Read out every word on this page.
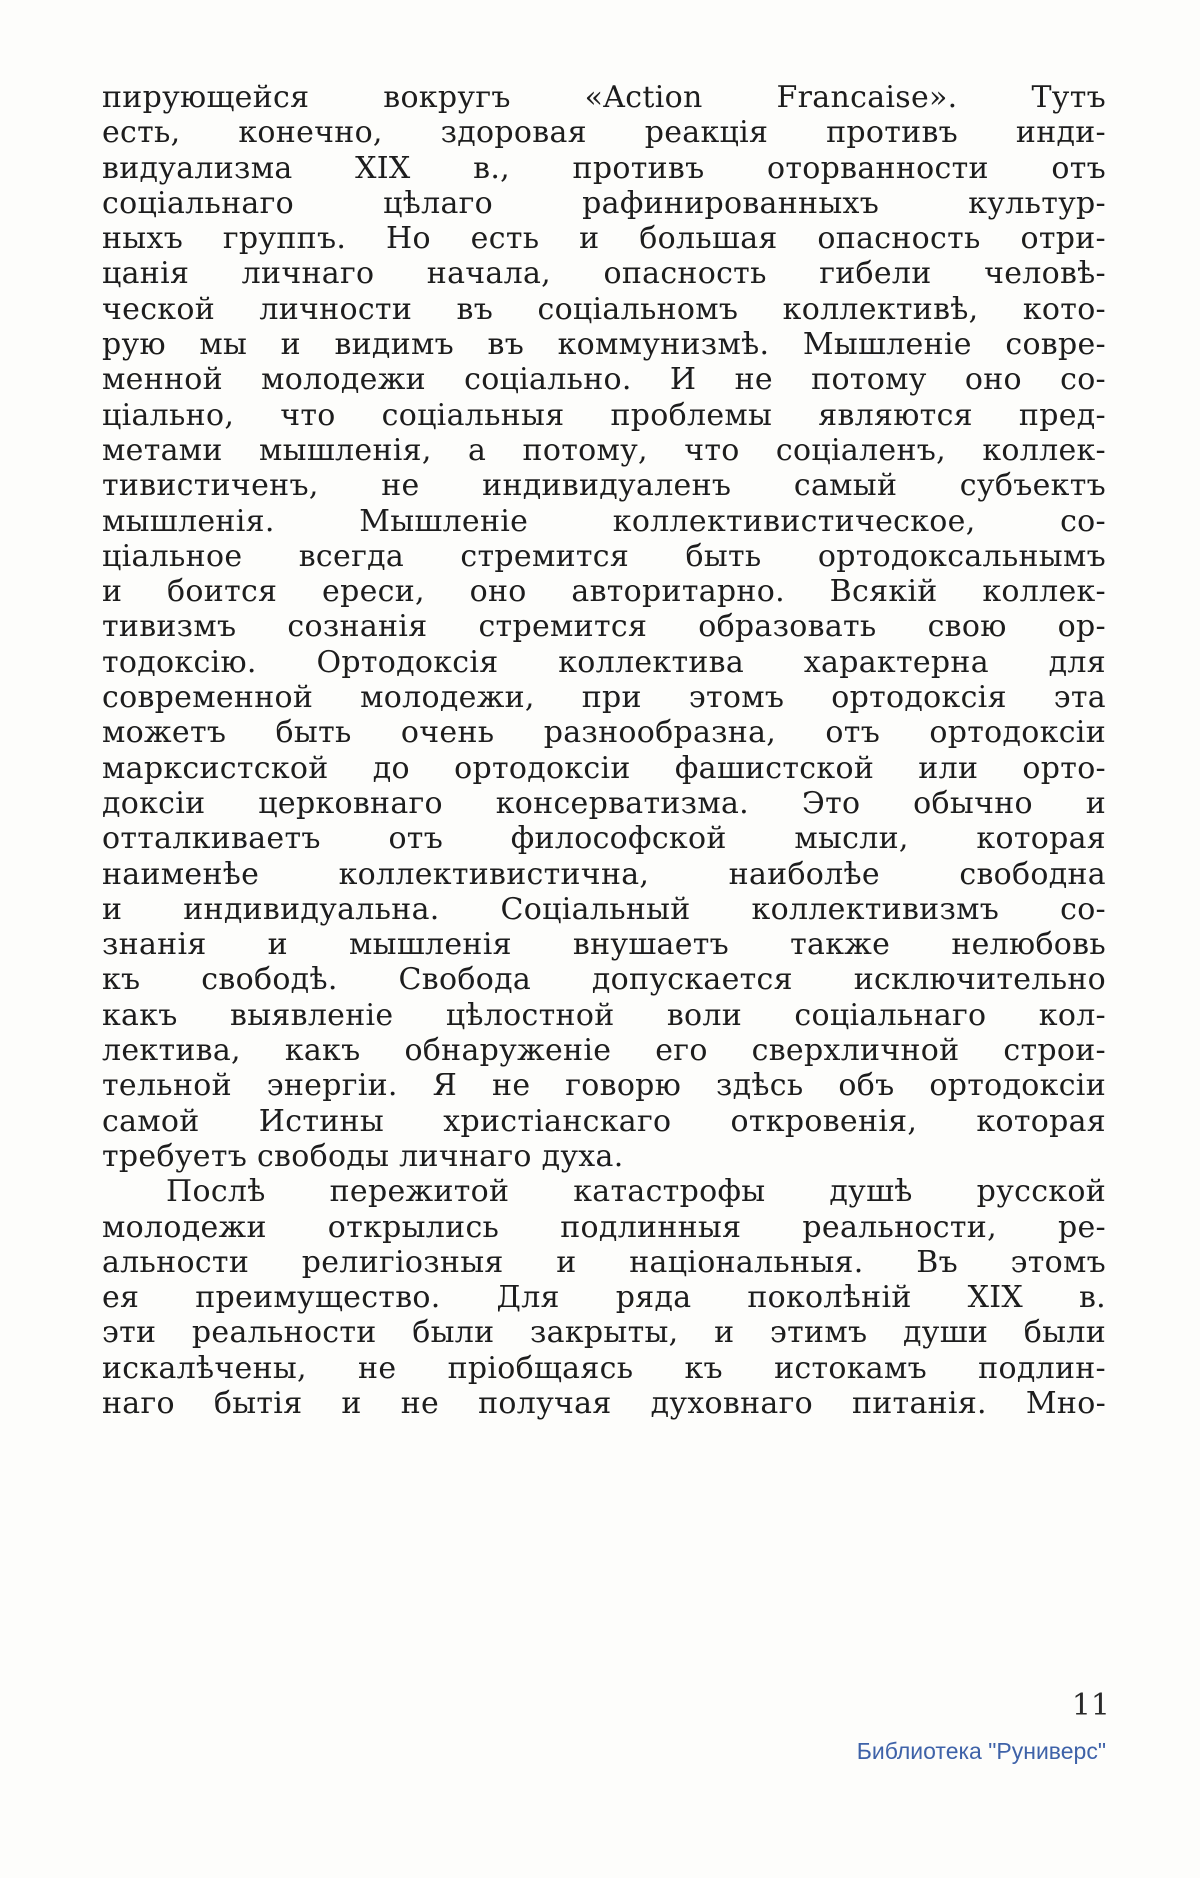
пирующейся вокругъ «Action Francaise». Тутъ
есть, конечно, здоровая реакція противъ инди-
видуализма XIX в., противъ оторванности отъ
соціальнаго цѣлаго рафинированныхъ культур-
ныхъ группъ. Но есть и большая опасность отри-
цанія личнаго начала, опасность гибели человѣ-
ческой личности въ соціальномъ коллективѣ, кото-
рую мы и видимъ въ коммунизмѣ. Мышленіе совре-
менной молодежи соціально. И не потому оно со-
ціально, что соціальныя проблемы являются пред-
метами мышленія, а потому, что соціаленъ, коллек-
тивистиченъ, не индивидуаленъ самый субъектъ
мышленія. Мышленіе коллективистическое, со-
ціальное всегда стремится быть ортодоксальнымъ
и боится ереси, оно авторитарно. Всякій коллек-
тивизмъ сознанія стремится образовать свою ор-
тодоксію. Ортодоксія коллектива характерна для
современной молодежи, при этомъ ортодоксія эта
можетъ быть очень разнообразна, отъ ортодоксіи
марксистской до ортодоксіи фашистской или орто-
доксіи церковнаго консерватизма. Это обычно и
отталкиваетъ отъ философской мысли, которая
наименѣе коллективистична, наиболѣе свободна
и индивидуальна. Соціальный коллективизмъ со-
знанія и мышленія внушаетъ также нелюбовь
къ свободѣ. Свобода допускается исключительно
какъ выявленіе цѣлостной воли соціальнаго кол-
лектива, какъ обнаруженіе его сверхличной строи-
тельной энергіи. Я не говорю здѣсь объ ортодоксіи
самой Истины христіанскаго откровенія, которая
требуетъ свободы личнаго духа.
Послѣ пережитой катастрофы душѣ русской
молодежи открылись подлинныя реальности, ре-
альности религіозныя и національныя. Въ этомъ
ея преимущество. Для ряда поколѣній XIX в.
эти реальности были закрыты, и этимъ души были
искалѣчены, не пріобщаясь къ истокамъ подлин-
наго бытія и не получая духовнаго питанія. Мно-
11
Библиотека "Руниверс"
